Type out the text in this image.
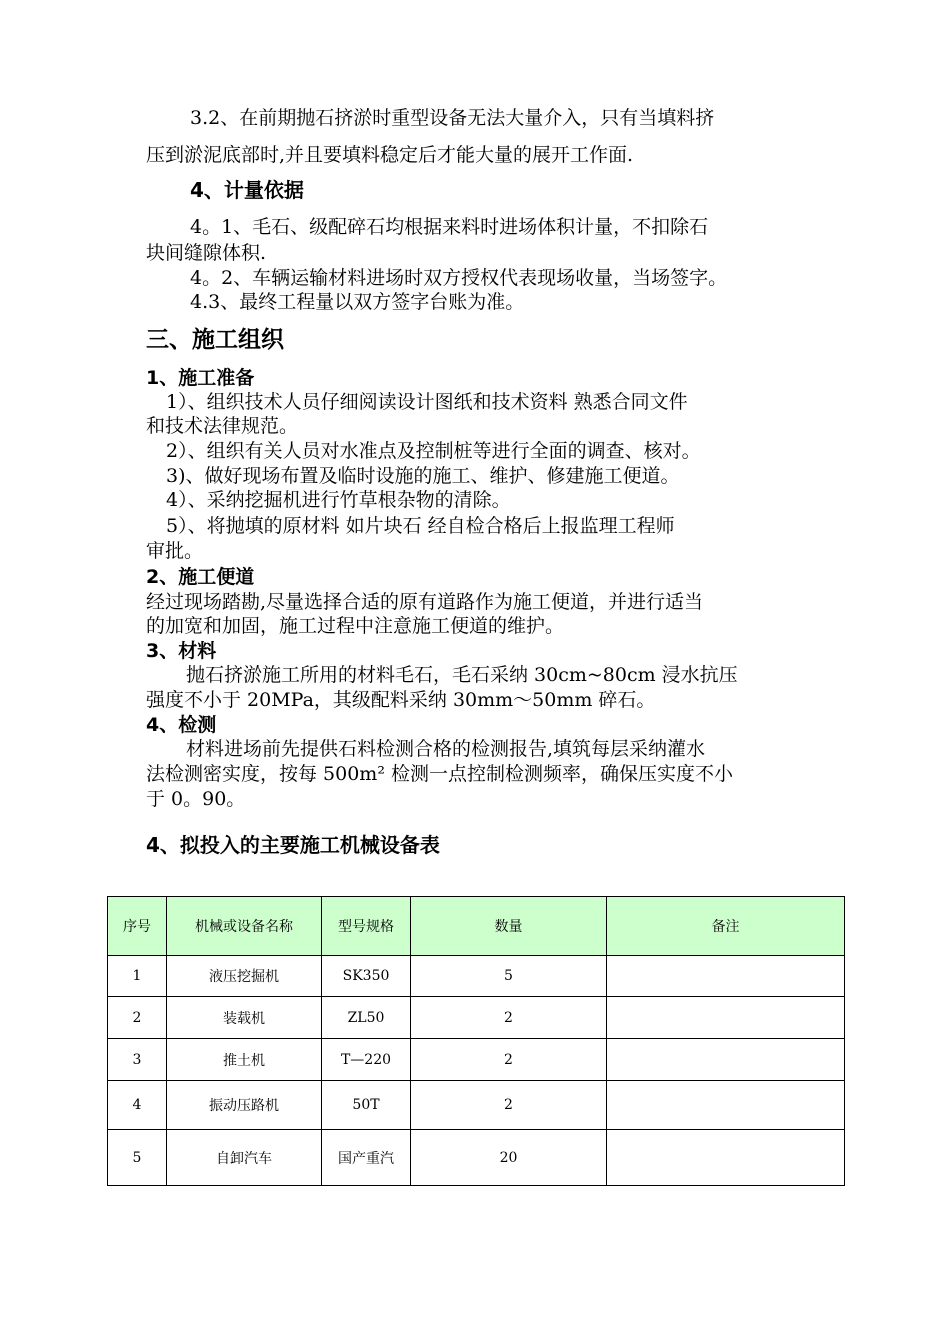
3.2、在前期抛石挤淤时重型设备无法大量介入，只有当填料挤
压到淤泥底部时,并且要填料稳定后才能大量的展开工作面.
4、计量依据
4。1、毛石、级配碎石均根据来料时进场体积计量，不扣除石
块间缝隙体积.
4。2、车辆运输材料进场时双方授权代表现场收量，当场签字。
4.3、最终工程量以双方签字台账为准。
三、施工组织
1、施工准备
1）、组织技术人员仔细阅读设计图纸和技术资料 熟悉合同文件
和技术法律规范。
2）、组织有关人员对水准点及控制桩等进行全面的调查、核对。
3)、做好现场布置及临时设施的施工、维护、修建施工便道。
4）、采纳挖掘机进行竹草根杂物的清除。
5）、将抛填的原材料 如片块石 经自检合格后上报监理工程师
审批。
2、施工便道
经过现场踏勘,尽量选择合适的原有道路作为施工便道，并进行适当
的加宽和加固，施工过程中注意施工便道的维护。
3、材料
抛石挤淤施工所用的材料毛石，毛石采纳 30cm~80cm 浸水抗压
强度不小于 20MPa，其级配料采纳 30mm～50mm 碎石。
4、检测
材料进场前先提供石料检测合格的检测报告,填筑每层采纳灌水
法检测密实度，按每 500m² 检测一点控制检测频率，确保压实度不小
于 0。90。
4、拟投入的主要施工机械设备表
序号	机械或设备名称	型号规格	数量	备注
1	液压挖掘机	SK350	5	
2	装载机	ZL50	2	
3	推土机	T—220	2	
4	振动压路机	50T	2	
5	自卸汽车	国产重汽	20	
